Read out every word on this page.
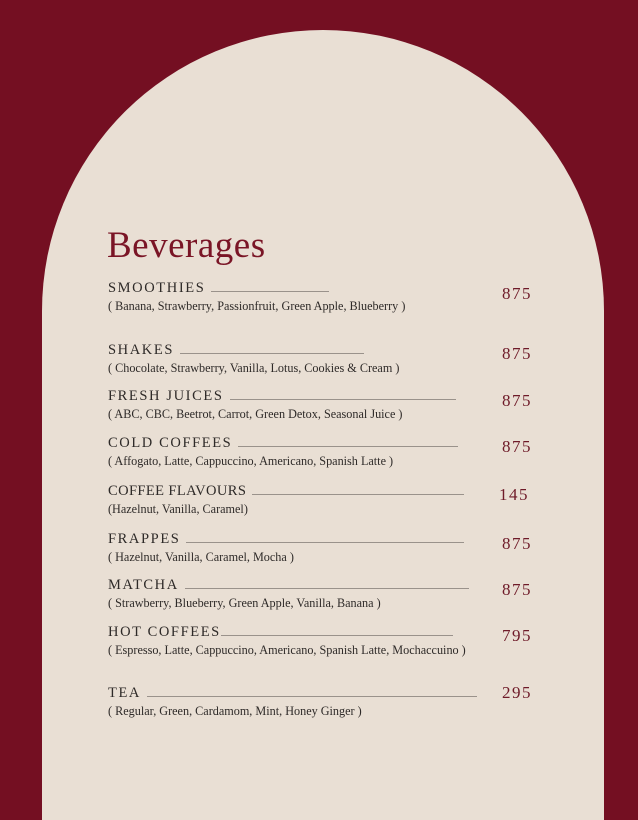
Beverages
SMOOTHIES
( Banana, Strawberry, Passionfruit, Green Apple, Blueberry )
875
SHAKES
( Chocolate, Strawberry, Vanilla, Lotus, Cookies & Cream )
875
FRESH JUICES
( ABC, CBC, Beetrot, Carrot, Green Detox, Seasonal Juice )
875
COLD COFFEES
( Affogato, Latte, Cappuccino, Americano, Spanish Latte )
875
COFFEE FLAVOURS
(Hazelnut, Vanilla, Caramel)
145
FRAPPES
( Hazelnut, Vanilla, Caramel, Mocha )
875
MATCHA
( Strawberry, Blueberry, Green Apple, Vanilla, Banana )
875
HOT COFFEES
( Espresso, Latte, Cappuccino, Americano, Spanish Latte, Mochaccuino )
795
TEA
( Regular, Green, Cardamom, Mint, Honey Ginger )
295
